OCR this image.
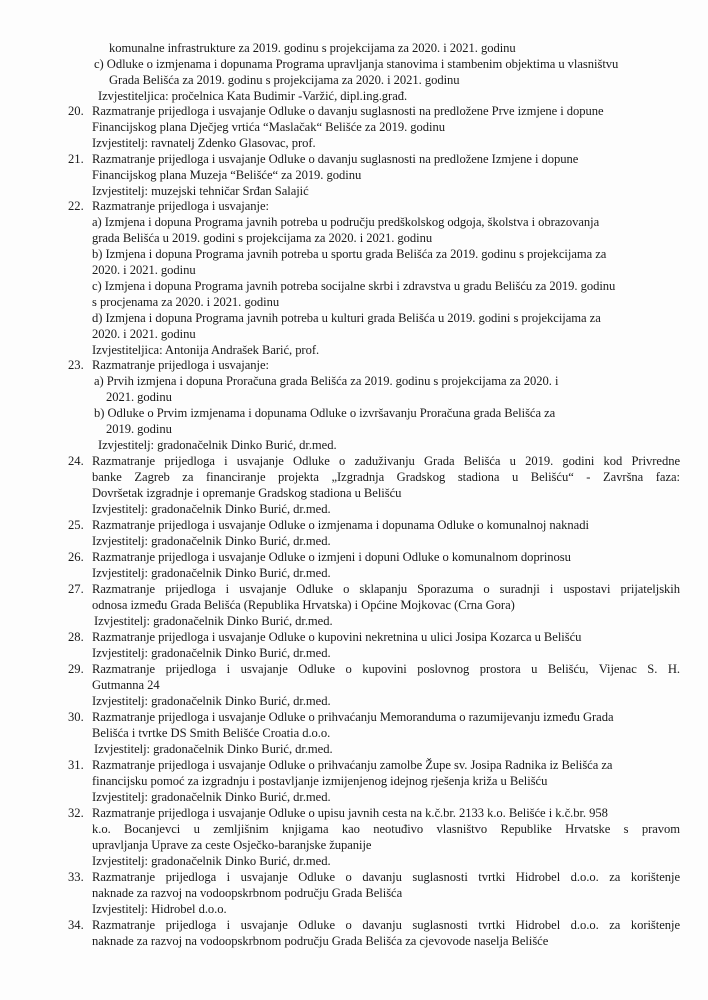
komunalne infrastrukture za 2019. godinu s projekcijama za 2020. i 2021. godinu
c) Odluke o izmjenama i dopunama Programa upravljanja stanovima i stambenim objektima u vlasništvu
Grada Belišća za 2019. godinu s projekcijama za 2020. i 2021. godinu
Izvjestiteljica: pročelnica Kata Budimir -Varžić, dipl.ing.građ.
20. Razmatranje prijedloga i usvajanje Odluke o davanju suglasnosti na predložene Prve izmjene i dopune
Financijskog plana Dječjeg vrtića “Maslačak“ Belišće za 2019. godinu
Izvjestitelj: ravnatelj Zdenko Glasovac, prof.
21. Razmatranje prijedloga i usvajanje Odluke o davanju suglasnosti na predložene Izmjene i dopune
Financijskog plana Muzeja “Belišće“ za 2019. godinu
Izvjestitelj: muzejski tehničar Srđan Salajić
22. Razmatranje prijedloga i usvajanje:
a) Izmjena i dopuna Programa javnih potreba u području predškolskog odgoja, školstva i obrazovanja
grada Belišća u 2019. godini s projekcijama za 2020. i 2021. godinu
b) Izmjena i dopuna Programa javnih potreba u sportu grada Belišća za 2019. godinu s projekcijama za
2020. i 2021. godinu
c) Izmjena i dopuna Programa javnih potreba socijalne skrbi i zdravstva u gradu Belišću za 2019. godinu
s procjenama za 2020. i 2021. godinu
d) Izmjena i dopuna Programa javnih potreba u kulturi grada Belišća u 2019. godini s projekcijama za
2020. i 2021. godinu
Izvjestiteljica: Antonija Andrašek Barić, prof.
23. Razmatranje prijedloga i usvajanje:
a) Prvih izmjena i dopuna Proračuna grada Belišća za 2019. godinu s projekcijama za 2020. i
2021. godinu
b) Odluke o Prvim izmjenama i dopunama Odluke o izvršavanju Proračuna grada Belišća za
2019. godinu
Izvjestitelj: gradonačelnik Dinko Burić, dr.med.
24. Razmatranje prijedloga i usvajanje Odluke o zaduživanju Grada Belišća u 2019. godini kod Privredne
banke Zagreb za financiranje projekta „Izgradnja Gradskog stadiona u Belišću“ - Završna faza:
Dovršetak izgradnje i opremanje Gradskog stadiona u Belišću
Izvjestitelj: gradonačelnik Dinko Burić, dr.med.
25. Razmatranje prijedloga i usvajanje Odluke o izmjenama i dopunama Odluke o komunalnoj naknadi
Izvjestitelj: gradonačelnik Dinko Burić, dr.med.
26. Razmatranje prijedloga i usvajanje Odluke o izmjeni i dopuni Odluke o komunalnom doprinosu
Izvjestitelj: gradonačelnik Dinko Burić, dr.med.
27. Razmatranje prijedloga i usvajanje Odluke o sklapanju Sporazuma o suradnji i uspostavi prijateljskih
odnosa između Grada Belišća (Republika Hrvatska) i Općine Mojkovac (Crna Gora)
Izvjestitelj: gradonačelnik Dinko Burić, dr.med.
28. Razmatranje prijedloga i usvajanje Odluke o kupovini nekretnina u ulici Josipa Kozarca u Belišću
Izvjestitelj: gradonačelnik Dinko Burić, dr.med.
29. Razmatranje prijedloga i usvajanje Odluke o kupovini poslovnog prostora u Belišću, Vijenac S. H.
Gutmanna 24
Izvjestitelj: gradonačelnik Dinko Burić, dr.med.
30. Razmatranje prijedloga i usvajanje Odluke o prihvaćanju Memoranduma o razumijevanju između Grada
Belišća i tvrtke DS Smith Belišće Croatia d.o.o.
Izvjestitelj: gradonačelnik Dinko Burić, dr.med.
31. Razmatranje prijedloga i usvajanje Odluke o prihvaćanju zamolbe Župe sv. Josipa Radnika iz Belišća za
financijsku pomoć za izgradnju i postavljanje izmijenjenog idejnog rješenja križa u Belišću
Izvjestitelj: gradonačelnik Dinko Burić, dr.med.
32. Razmatranje prijedloga i usvajanje Odluke o upisu javnih cesta na k.č.br. 2133 k.o. Belišće i k.č.br. 958
k.o. Bocanjevci u zemljišnim knjigama kao neotuđivo vlasništvo Republike Hrvatske s pravom
upravljanja Uprave za ceste Osječko-baranjske županije
Izvjestitelj: gradonačelnik Dinko Burić, dr.med.
33. Razmatranje prijedloga i usvajanje Odluke o davanju suglasnosti tvrtki Hidrobel d.o.o. za korištenje
naknade za razvoj na vodoopskrbnom području Grada Belišća
Izvjestitelj: Hidrobel d.o.o.
34. Razmatranje prijedloga i usvajanje Odluke o davanju suglasnosti tvrtki Hidrobel d.o.o. za korištenje
naknade za razvoj na vodoopskrbnom području Grada Belišća za cjevovode naselja Belišće
